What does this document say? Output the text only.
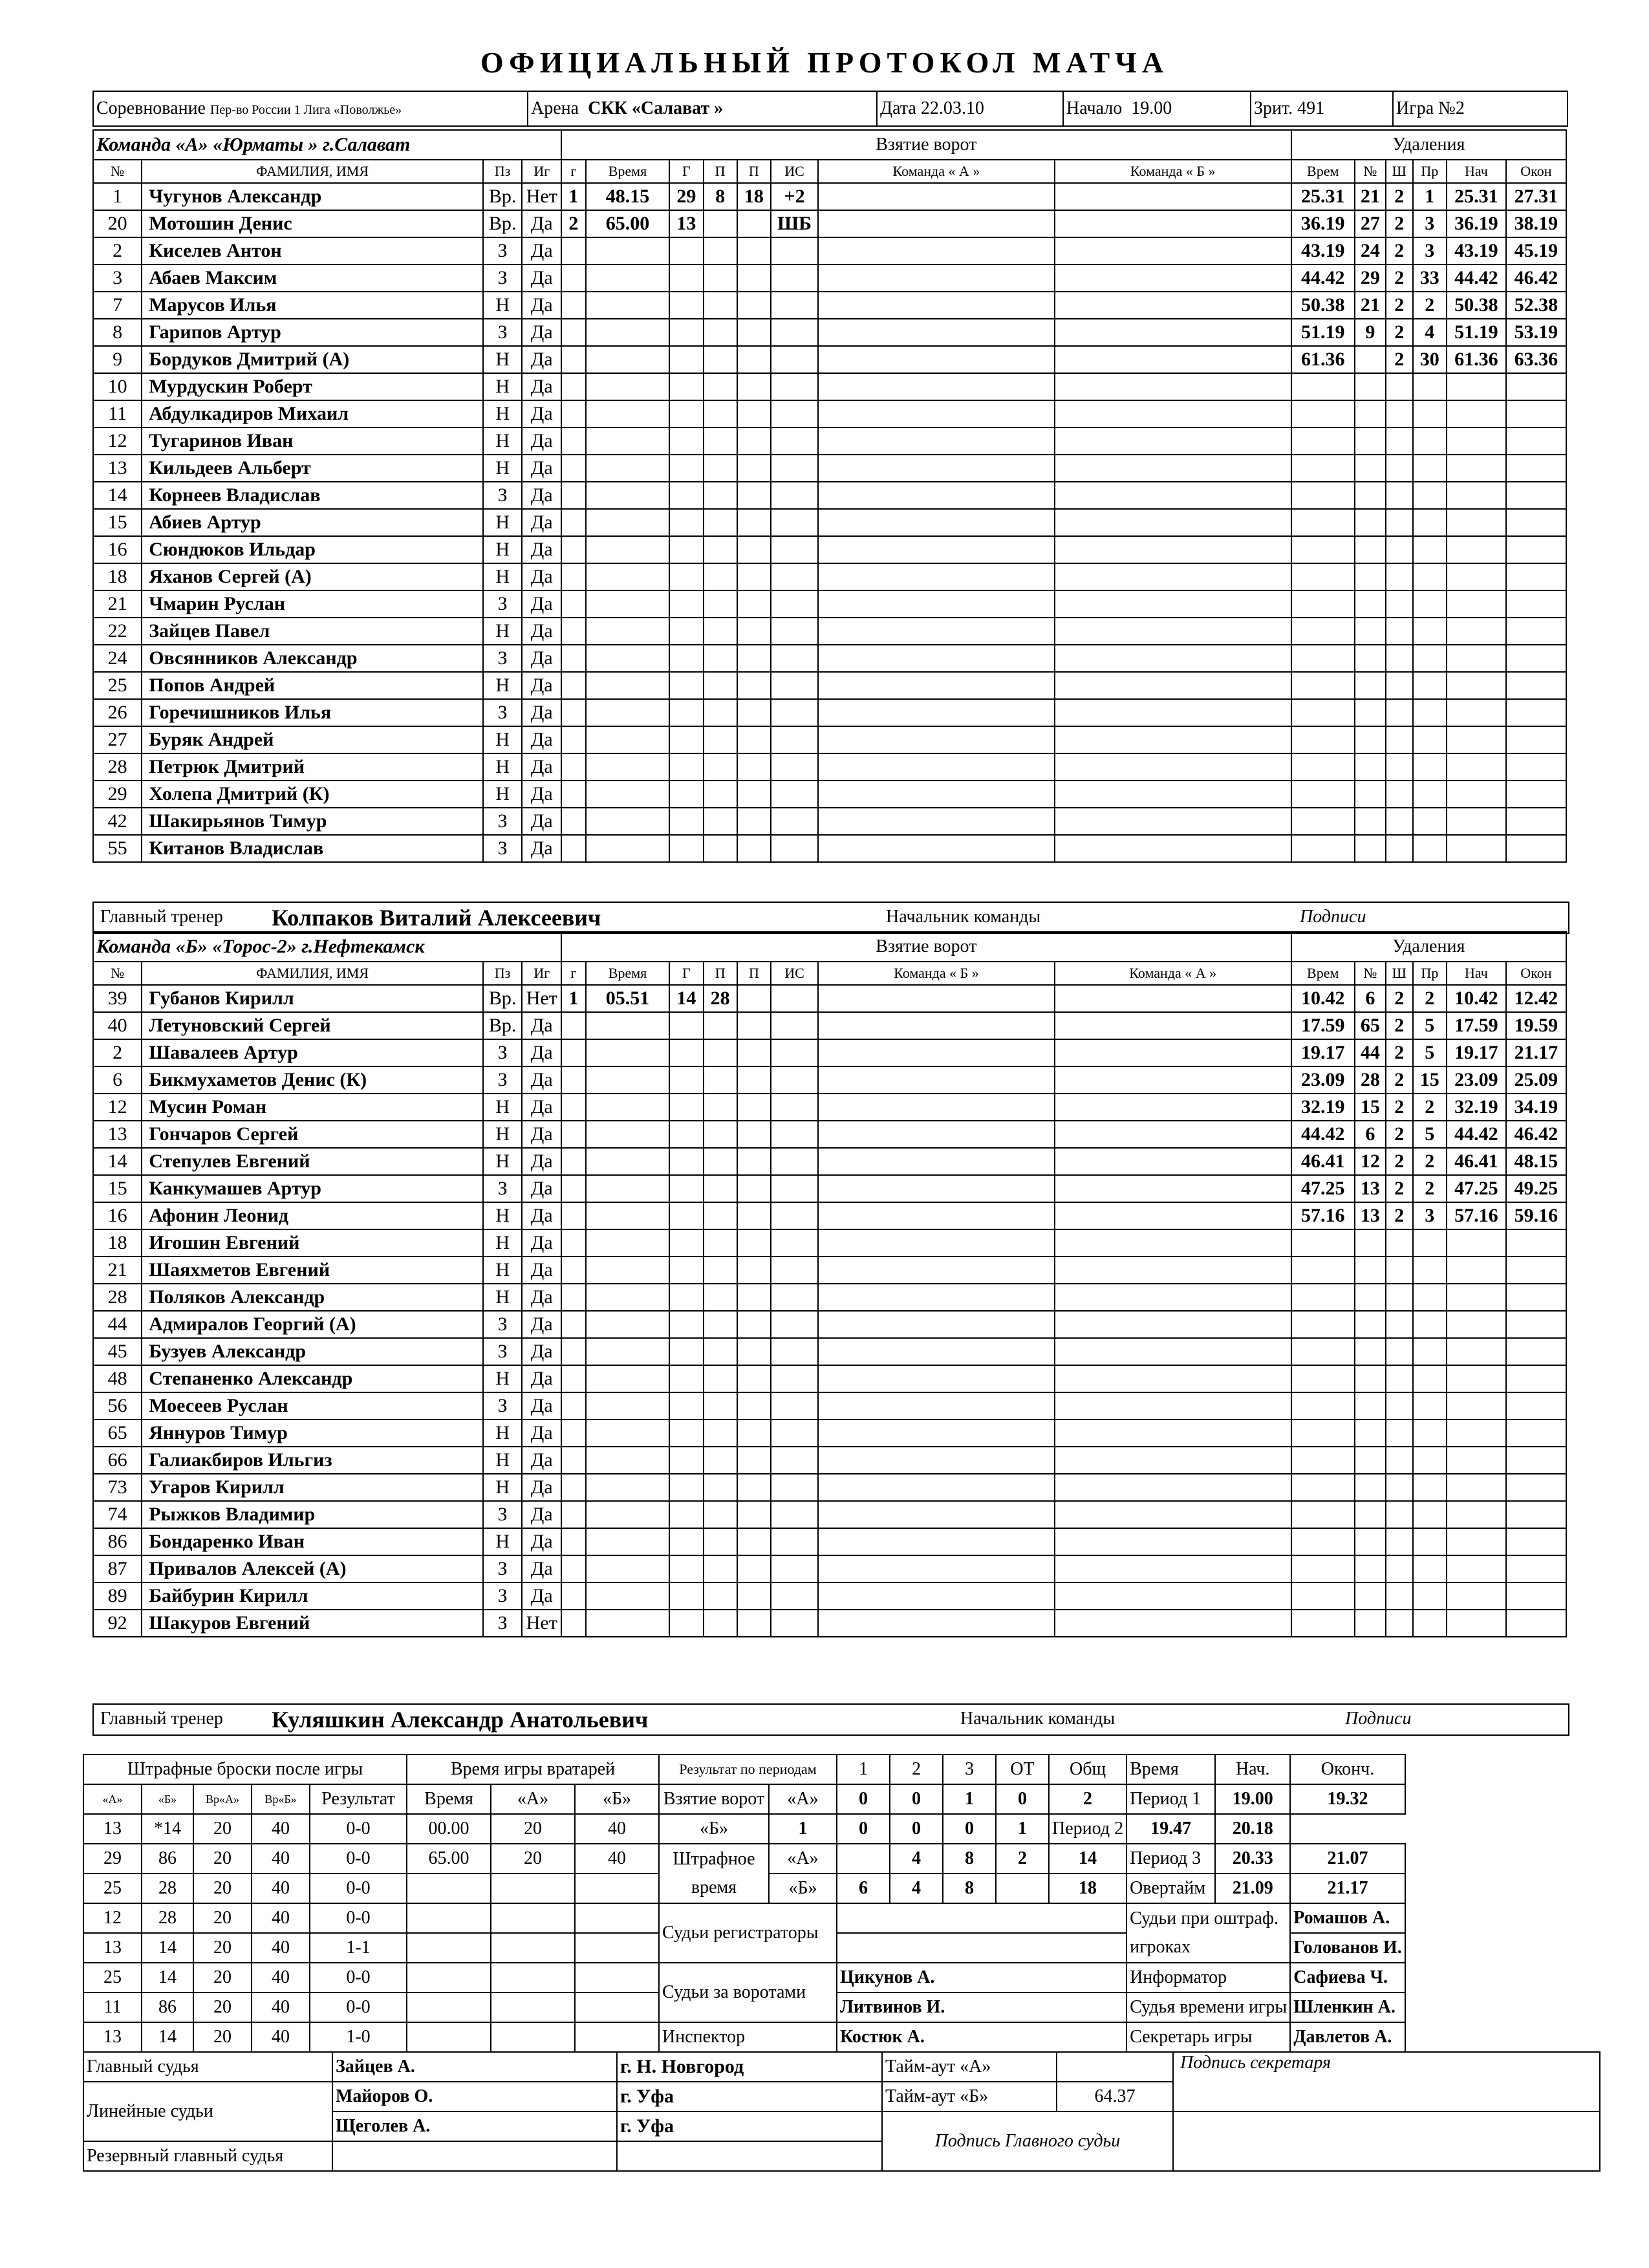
ОФИЦИАЛЬНЫЙ ПРОТОКОЛ МАТЧА
Соревнование Пер-во России 1 Лига «Поволжье»	Арена СКК «Салават »	Дата 22.03.10	Начало 19.00	Зрит. 491	Игра №2
Команда «А» «Юрматы » г.Салават				Взятие ворот								Удаления					
№	ФАМИЛИЯ, ИМЯ	Пз	Иг	г	Время	Г	П	П	ИС	Команда « А »	Команда « Б »	Врем	№	Ш	Пр	Нач	Окон
1	Чугунов Александр	Вр.	Нет	1	48.15	29	8	18	+2			25.31	21	2	1	25.31	27.31
20	Мотошин Денис	Вр.	Да	2	65.00	13			ШБ			36.19	27	2	3	36.19	38.19
2	Киселев Антон	З	Да									43.19	24	2	3	43.19	45.19
3	Абаев Максим	З	Да									44.42	29	2	33	44.42	46.42
7	Марусов Илья	Н	Да									50.38	21	2	2	50.38	52.38
8	Гарипов Артур	З	Да									51.19	9	2	4	51.19	53.19
9	Бордуков Дмитрий (А)	Н	Да									61.36		2	30	61.36	63.36
10	Мурдускин Роберт	Н	Да														
11	Абдулкадиров Михаил	Н	Да														
12	Тугаринов Иван	Н	Да														
13	Кильдеев Альберт	Н	Да														
14	Корнеев Владислав	З	Да														
15	Абиев Артур	Н	Да														
16	Сюндюков Ильдар	Н	Да														
18	Яханов Сергей (А)	Н	Да														
21	Чмарин Руслан	З	Да														
22	Зайцев Павел	Н	Да														
24	Овсянников Александр	З	Да														
25	Попов Андрей	Н	Да														
26	Горечишников Илья	З	Да														
27	Буряк Андрей	Н	Да														
28	Петрюк Дмитрий	Н	Да														
29	Холепа Дмитрий (К)	Н	Да														
42	Шакирьянов Тимур	З	Да														
55	Китанов Владислав	З	Да														
Главный тренер Колпаков Виталий Алексеевич	Начальник команды	Подписи
Команда «Б» «Торос-2» г.Нефтекамск				Взятие ворот								Удаления					
№	ФАМИЛИЯ, ИМЯ	Пз	Иг	г	Время	Г	П	П	ИС	Команда « Б »	Команда « А »	Врем	№	Ш	Пр	Нач	Окон
39	Губанов Кирилл	Вр.	Нет	1	05.51	14	28					10.42	6	2	2	10.42	12.42
40	Летуновский Сергей	Вр.	Да									17.59	65	2	5	17.59	19.59
2	Шавалеев Артур	З	Да									19.17	44	2	5	19.17	21.17
6	Бикмухаметов Денис (К)	З	Да									23.09	28	2	15	23.09	25.09
12	Мусин Роман	Н	Да									32.19	15	2	2	32.19	34.19
13	Гончаров Сергей	Н	Да									44.42	6	2	5	44.42	46.42
14	Степулев Евгений	Н	Да									46.41	12	2	2	46.41	48.15
15	Канкумашев Артур	З	Да									47.25	13	2	2	47.25	49.25
16	Афонин Леонид	Н	Да									57.16	13	2	3	57.16	59.16
18	Игошин Евгений	Н	Да														
21	Шаяхметов Евгений	Н	Да														
28	Поляков Александр	Н	Да														
44	Адмиралов Георгий (А)	З	Да														
45	Бузуев Александр	З	Да														
48	Степаненко Александр	Н	Да														
56	Моесеев Руслан	З	Да														
65	Яннуров Тимур	Н	Да														
66	Галиакбиров Ильгиз	Н	Да														
73	Угаров Кирилл	Н	Да														
74	Рыжков Владимир	З	Да														
86	Бондаренко Иван	Н	Да														
87	Привалов Алексей (А)	З	Да														
89	Байбурин Кирилл	З	Да														
92	Шакуров Евгений	З	Нет														
Главный тренер Куляшкин Александр Анатольевич	Начальник команды	Подписи
Штрафные броски после игры					Время игры вратарей			Результат по периодам		1	2	3	ОТ	Общ	Время	Нач.	Оконч.
«А»	«Б»	Вр«А»	Вр«Б»	Результат	Время	«А»	«Б»	Взятие ворот	«А»	0	0	1	0	2	Период 1	19.00	19.32
13	*14	20	40	0-0	00.00	20	40	«Б»	1	0	0	0	1	Период 2	19.47	20.18	
29	86	20	40	0-0	65.00	20	40	Штрафное время	«А»		4	8	2	14	Период 3	20.33	21.07
25	28	20	40	0-0					«Б»	6	4	8		18	Овертайм	21.09	21.17
12	28	20	40	0-0				Судьи регистраторы							Судьи при оштраф. игроках		Ромашов А.
13	14	20	40	1-1													Голованов И.
25	14	20	40	0-0				Судьи за воротами		Цикунов А.					Информатор		Сафиева Ч.
11	86	20	40	0-0						Литвинов И.					Судья времени игры		Шленкин А.
13	14	20	40	1-0				Инспектор		Костюк А.					Секретарь игры		Давлетов А.
Главный судья	Зайцев А.	г. Н. Новгород	Тайм-аут «А»		Подпись секретаря
Линейные судьи	Майоров О.	г. Уфа	Тайм-аут «Б»	64.37	
	Щеголев А.	г. Уфа	Подпись Главного судьи		
Резервный главный судья					
